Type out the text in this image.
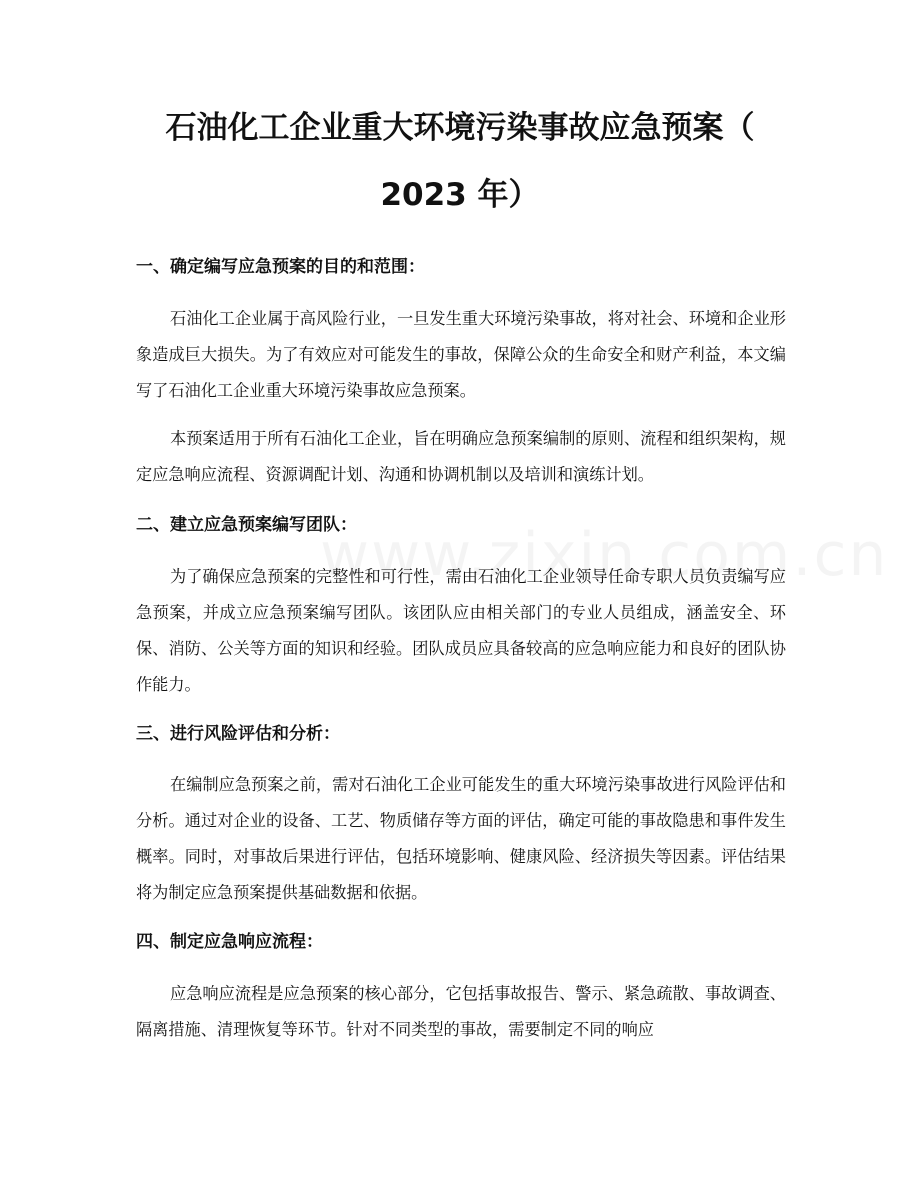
石油化工企业重大环境污染事故应急预案（
2023 年）
一、确定编写应急预案的目的和范围：

石油化工企业属于高风险行业，一旦发生重大环境污染事故，将对社会、环境和企业形象造成巨大损失。为了有效应对可能发生的事故，保障公众的生命安全和财产利益，本文编写了石油化工企业重大环境污染事故应急预案。

本预案适用于所有石油化工企业，旨在明确应急预案编制的原则、流程和组织架构，规定应急响应流程、资源调配计划、沟通和协调机制以及培训和演练计划。

二、建立应急预案编写团队：

为了确保应急预案的完整性和可行性，需由石油化工企业领导任命专职人员负责编写应急预案，并成立应急预案编写团队。该团队应由相关部门的专业人员组成，涵盖安全、环保、消防、公关等方面的知识和经验。团队成员应具备较高的应急响应能力和良好的团队协作能力。

三、进行风险评估和分析：

在编制应急预案之前，需对石油化工企业可能发生的重大环境污染事故进行风险评估和分析。通过对企业的设备、工艺、物质储存等方面的评估，确定可能的事故隐患和事件发生概率。同时，对事故后果进行评估，包括环境影响、健康风险、经济损失等因素。评估结果将为制定应急预案提供基础数据和依据。

四、制定应急响应流程：

应急响应流程是应急预案的核心部分，它包括事故报告、警示、紧急疏散、事故调查、隔离措施、清理恢复等环节。针对不同类型的事故，需要制定不同的响应
